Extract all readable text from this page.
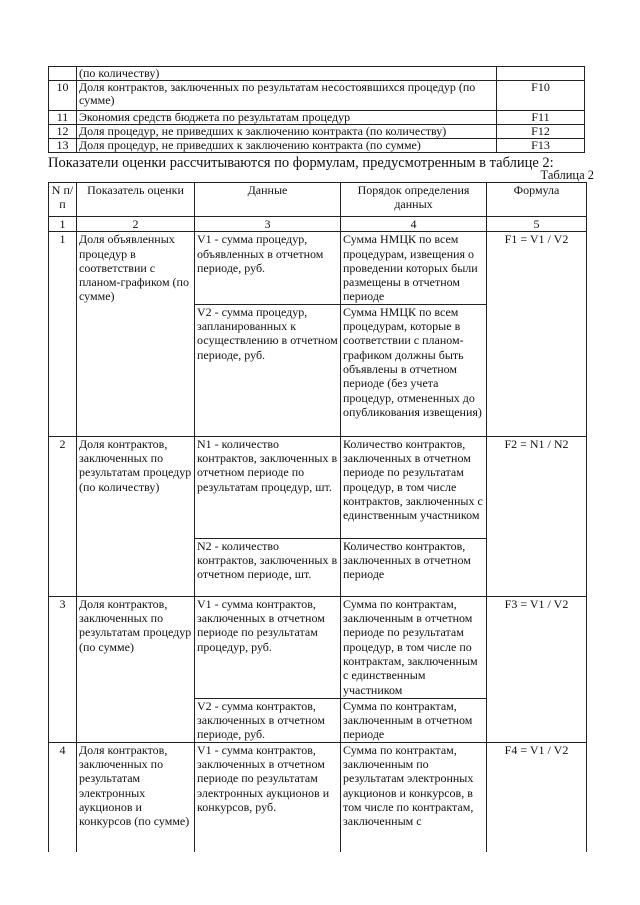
	(по количеству)	
10	Доля контрактов, заключенных по результатам несостоявшихся процедур (по сумме)	F10
11	Экономия средств бюджета по результатам процедур	F11
12	Доля процедур, не приведших к заключению контракта (по количеству)	F12
13	Доля процедур, не приведших к заключению контракта (по сумме)	F13
Показатели оценки рассчитываются по формулам, предусмотренным в таблице 2:
Таблица 2
N п/п	Показатель оценки	Данные	Порядок определения данных	Формула
1	2	3	4	5
1	Доля объявленных процедур в соответствии с планом-графиком (по сумме)	V1 - сумма процедур, объявленных в отчетном периоде, руб.	Сумма НМЦК по всем процедурам, извещения о проведении которых были размещены в отчетном периоде	F1 = V1 / V2
		V2 - сумма процедур, запланированных к осуществлению в отчетном периоде, руб.	Сумма НМЦК по всем процедурам, которые в соответствии с планом-графиком должны быть объявлены в отчетном периоде (без учета процедур, отмененных до опубликования извещения)	
2	Доля контрактов, заключенных по результатам процедур (по количеству)	N1 - количество контрактов, заключенных в отчетном периоде по результатам процедур, шт.	Количество контрактов, заключенных в отчетном периоде по результатам процедур, в том числе контрактов, заключенных с единственным участником	F2 = N1 / N2
		N2 - количество контрактов, заключенных в отчетном периоде, шт.	Количество контрактов, заключенных в отчетном периоде	
3	Доля контрактов, заключенных по результатам процедур (по сумме)	V1 - сумма контрактов, заключенных в отчетном периоде по результатам процедур, руб.	Сумма по контрактам, заключенным в отчетном периоде по результатам процедур, в том числе по контрактам, заключенным с единственным участником	F3 = V1 / V2
		V2 - сумма контрактов, заключенных в отчетном периоде, руб.	Сумма по контрактам, заключенным в отчетном периоде	
4	Доля контрактов, заключенных по результатам электронных аукционов и конкурсов (по сумме)	V1 - сумма контрактов, заключенных в отчетном периоде по результатам электронных аукционов и конкурсов, руб.	Сумма по контрактам, заключенным по результатам электронных аукционов и конкурсов, в том числе по контрактам, заключенным с	F4 = V1 / V2
